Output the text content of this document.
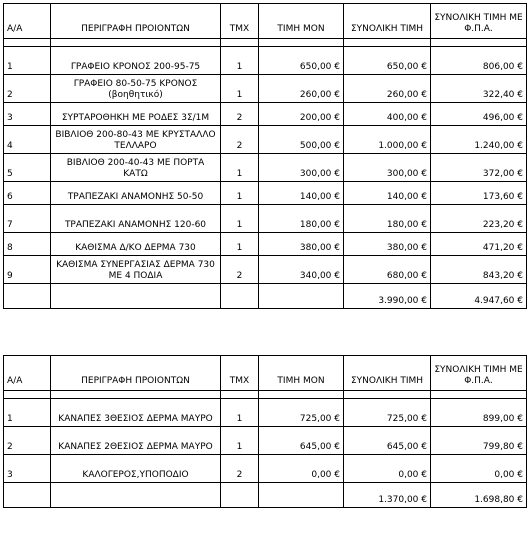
Α/Α	ΠΕΡΙΓΡΑΦΗ ΠΡΟΙΟΝΤΩΝ	ΤΜΧ	ΤΙΜΗ ΜΟΝ	ΣΥΝΟΛΙΚΗ ΤΙΜΗ	ΣΥΝΟΛΙΚΗ ΤΙΜΗ ΜΕ Φ.Π.Α.

1	ΓΡΑΦΕΙΟ ΚΡΟΝΟΣ 200-95-75	1	650,00 €	650,00 €	806,00 €
2	ΓΡΑΦΕΙΟ 80-50-75 ΚΡΟΝΟΣ (βοηθητικό)	1	260,00 €	260,00 €	322,40 €
3	ΣΥΡΤΑΡΟΘΗΚΗ ΜΕ ΡΟΔΕΣ 3Σ/1Μ	2	200,00 €	400,00 €	496,00 €
4	ΒΙΒΛΙΟΘ 200-80-43 ΜΕ ΚΡΥΣΤΑΛΛΟ ΤΕΛΛΑΡΟ	2	500,00 €	1.000,00 €	1.240,00 €
5	ΒΙΒΛΙΟΘ 200-40-43 ΜΕ ΠΟΡΤΑ ΚΑΤΩ	1	300,00 €	300,00 €	372,00 €
6	ΤΡΑΠΕΖΑΚΙ ΑΝΑΜΟΝΗΣ 50-50	1	140,00 €	140,00 €	173,60 €
7	ΤΡΑΠΕΖΑΚΙ ΑΝΑΜΟΝΗΣ 120-60	1	180,00 €	180,00 €	223,20 €
8	ΚΑΘΙΣΜΑ Δ/ΚΟ ΔΕΡΜΑ 730	1	380,00 €	380,00 €	471,20 €
9	ΚΑΘΙΣΜΑ ΣΥΝΕΡΓΑΣΙΑΣ ΔΕΡΜΑ 730 ΜΕ 4 ΠΟΔΙΑ	2	340,00 €	680,00 €	843,20 €
				3.990,00 €	4.947,60 €
Α/Α	ΠΕΡΙΓΡΑΦΗ ΠΡΟΙΟΝΤΩΝ	ΤΜΧ	ΤΙΜΗ ΜΟΝ	ΣΥΝΟΛΙΚΗ ΤΙΜΗ	ΣΥΝΟΛΙΚΗ ΤΙΜΗ ΜΕ Φ.Π.Α.

1	ΚΑΝΑΠΕΣ 3ΘΕΣΙΟΣ ΔΕΡΜΑ ΜΑΥΡΟ	1	725,00 €	725,00 €	899,00 €
2	ΚΑΝΑΠΕΣ 2ΘΕΣΙΟΣ ΔΕΡΜΑ ΜΑΥΡΟ	1	645,00 €	645,00 €	799,80 €
3	ΚΑΛΟΓΕΡΟΣ,ΥΠΟΠΟΔΙΟ	2	0,00 €	0,00 €	0,00 €
				1.370,00 €	1.698,80 €
